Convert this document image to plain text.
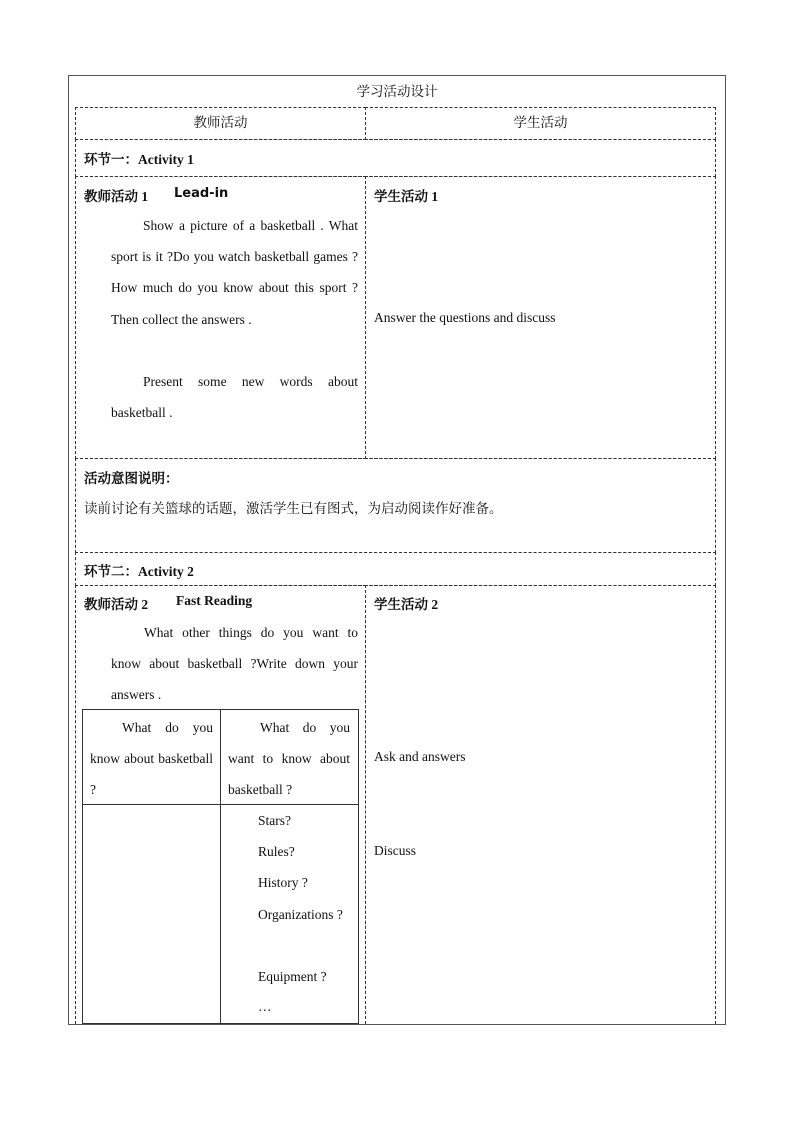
学习活动设计
教师活动	学生活动
环节一：Activity 1
教师活动 1 Lead-in
Show a picture of a basketball . What sport is it ?Do you watch basketball games ?How much do you know about this sport ?Then collect the answers .
Present some new words about basketball .
学生活动 1
Answer the questions and discuss
活动意图说明：
读前讨论有关篮球的话题，激活学生已有图式，为启动阅读作好准备。
环节二：Activity 2
教师活动 2 Fast Reading
What other things do you want to know about basketball ?Write down your answers .
学生活动 2
Ask and answers
Discuss
What do you know about basketball ?
What do you want to know about basketball ?
Stars?
Rules?
History ?
Organizations ?
Equipment ?
…
